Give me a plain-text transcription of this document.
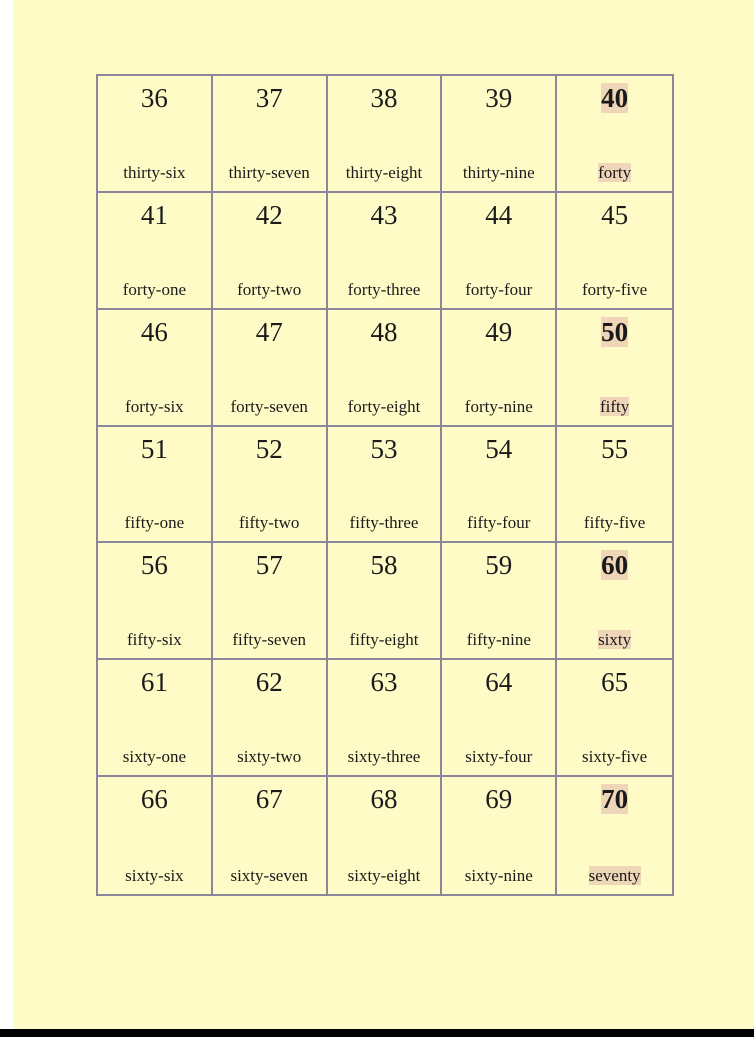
36
thirty-six
37
thirty-seven
38
thirty-eight
39
thirty-nine
40
forty
41
forty-one
42
forty-two
43
forty-three
44
forty-four
45
forty-five
46
forty-six
47
forty-seven
48
forty-eight
49
forty-nine
50
fifty
51
fifty-one
52
fifty-two
53
fifty-three
54
fifty-four
55
fifty-five
56
fifty-six
57
fifty-seven
58
fifty-eight
59
fifty-nine
60
sixty
61
sixty-one
62
sixty-two
63
sixty-three
64
sixty-four
65
sixty-five
66
sixty-six
67
sixty-seven
68
sixty-eight
69
sixty-nine
70
seventy
